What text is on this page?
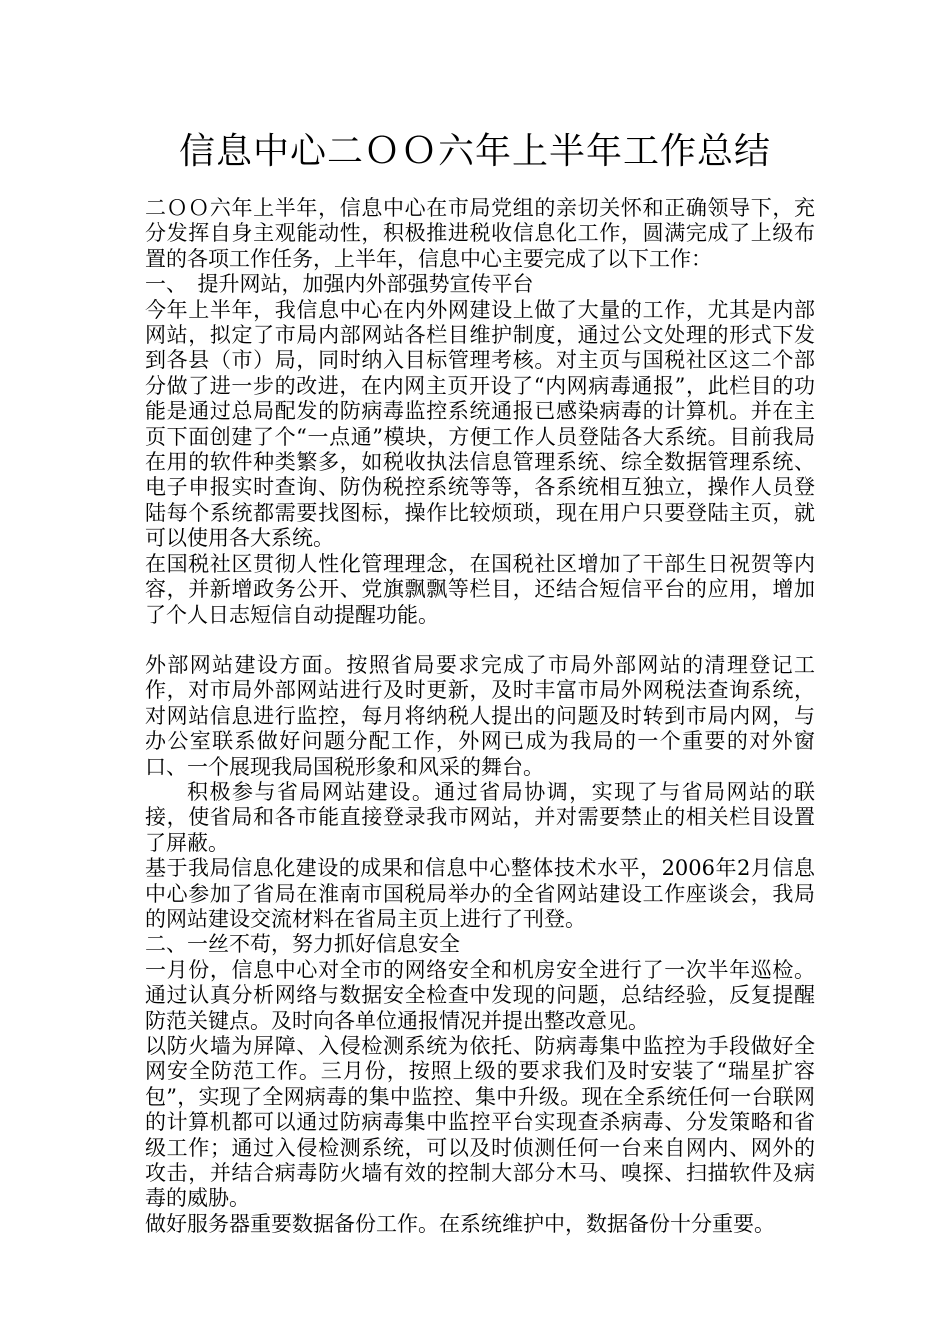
信息中心二ＯＯ六年上半年工作总结

二ＯＯ六年上半年，信息中心在市局党组的亲切关怀和正确领导下，充分发挥自身主观能动性，积极推进税收信息化工作，圆满完成了上级布置的各项工作任务，上半年，信息中心主要完成了以下工作：

一、　提升网站，加强内外部强势宣传平台

今年上半年，我信息中心在内外网建设上做了大量的工作，尤其是内部网站，拟定了市局内部网站各栏目维护制度，通过公文处理的形式下发到各县（市）局，同时纳入目标管理考核。对主页与国税社区这二个部分做了进一步的改进，在内网主页开设了“内网病毒通报”，此栏目的功能是通过总局配发的防病毒监控系统通报已感染病毒的计算机。并在主页下面创建了个“一点通”模块，方便工作人员登陆各大系统。目前我局在用的软件种类繁多，如税收执法信息管理系统、综全数据管理系统、电子申报实时查询、防伪税控系统等等，各系统相互独立，操作人员登陆每个系统都需要找图标，操作比较烦琐，现在用户只要登陆主页，就可以使用各大系统。

在国税社区贯彻人性化管理理念，在国税社区增加了干部生日祝贺等内容，并新增政务公开、党旗飘飘等栏目，还结合短信平台的应用，增加了个人日志短信自动提醒功能。

外部网站建设方面。按照省局要求完成了市局外部网站的清理登记工作，对市局外部网站进行及时更新，及时丰富市局外网税法查询系统，对网站信息进行监控，每月将纳税人提出的问题及时转到市局内网，与办公室联系做好问题分配工作，外网已成为我局的一个重要的对外窗口、一个展现我局国税形象和风采的舞台。

积极参与省局网站建设。通过省局协调，实现了与省局网站的联接，使省局和各市能直接登录我市网站，并对需要禁止的相关栏目设置了屏蔽。

基于我局信息化建设的成果和信息中心整体技术水平，2006年2月信息中心参加了省局在淮南市国税局举办的全省网站建设工作座谈会，我局的网站建设交流材料在省局主页上进行了刊登。

二、一丝不苟，努力抓好信息安全

一月份，信息中心对全市的网络安全和机房安全进行了一次半年巡检。通过认真分析网络与数据安全检查中发现的问题，总结经验，反复提醒防范关键点。及时向各单位通报情况并提出整改意见。

以防火墙为屏障、入侵检测系统为依托、防病毒集中监控为手段做好全网安全防范工作。三月份，按照上级的要求我们及时安装了“瑞星扩容包”，实现了全网病毒的集中监控、集中升级。现在全系统任何一台联网的计算机都可以通过防病毒集中监控平台实现查杀病毒、分发策略和省级工作；通过入侵检测系统，可以及时侦测任何一台来自网内、网外的攻击，并结合病毒防火墙有效的控制大部分木马、嗅探、扫描软件及病毒的威胁。

做好服务器重要数据备份工作。在系统维护中，数据备份十分重要。
